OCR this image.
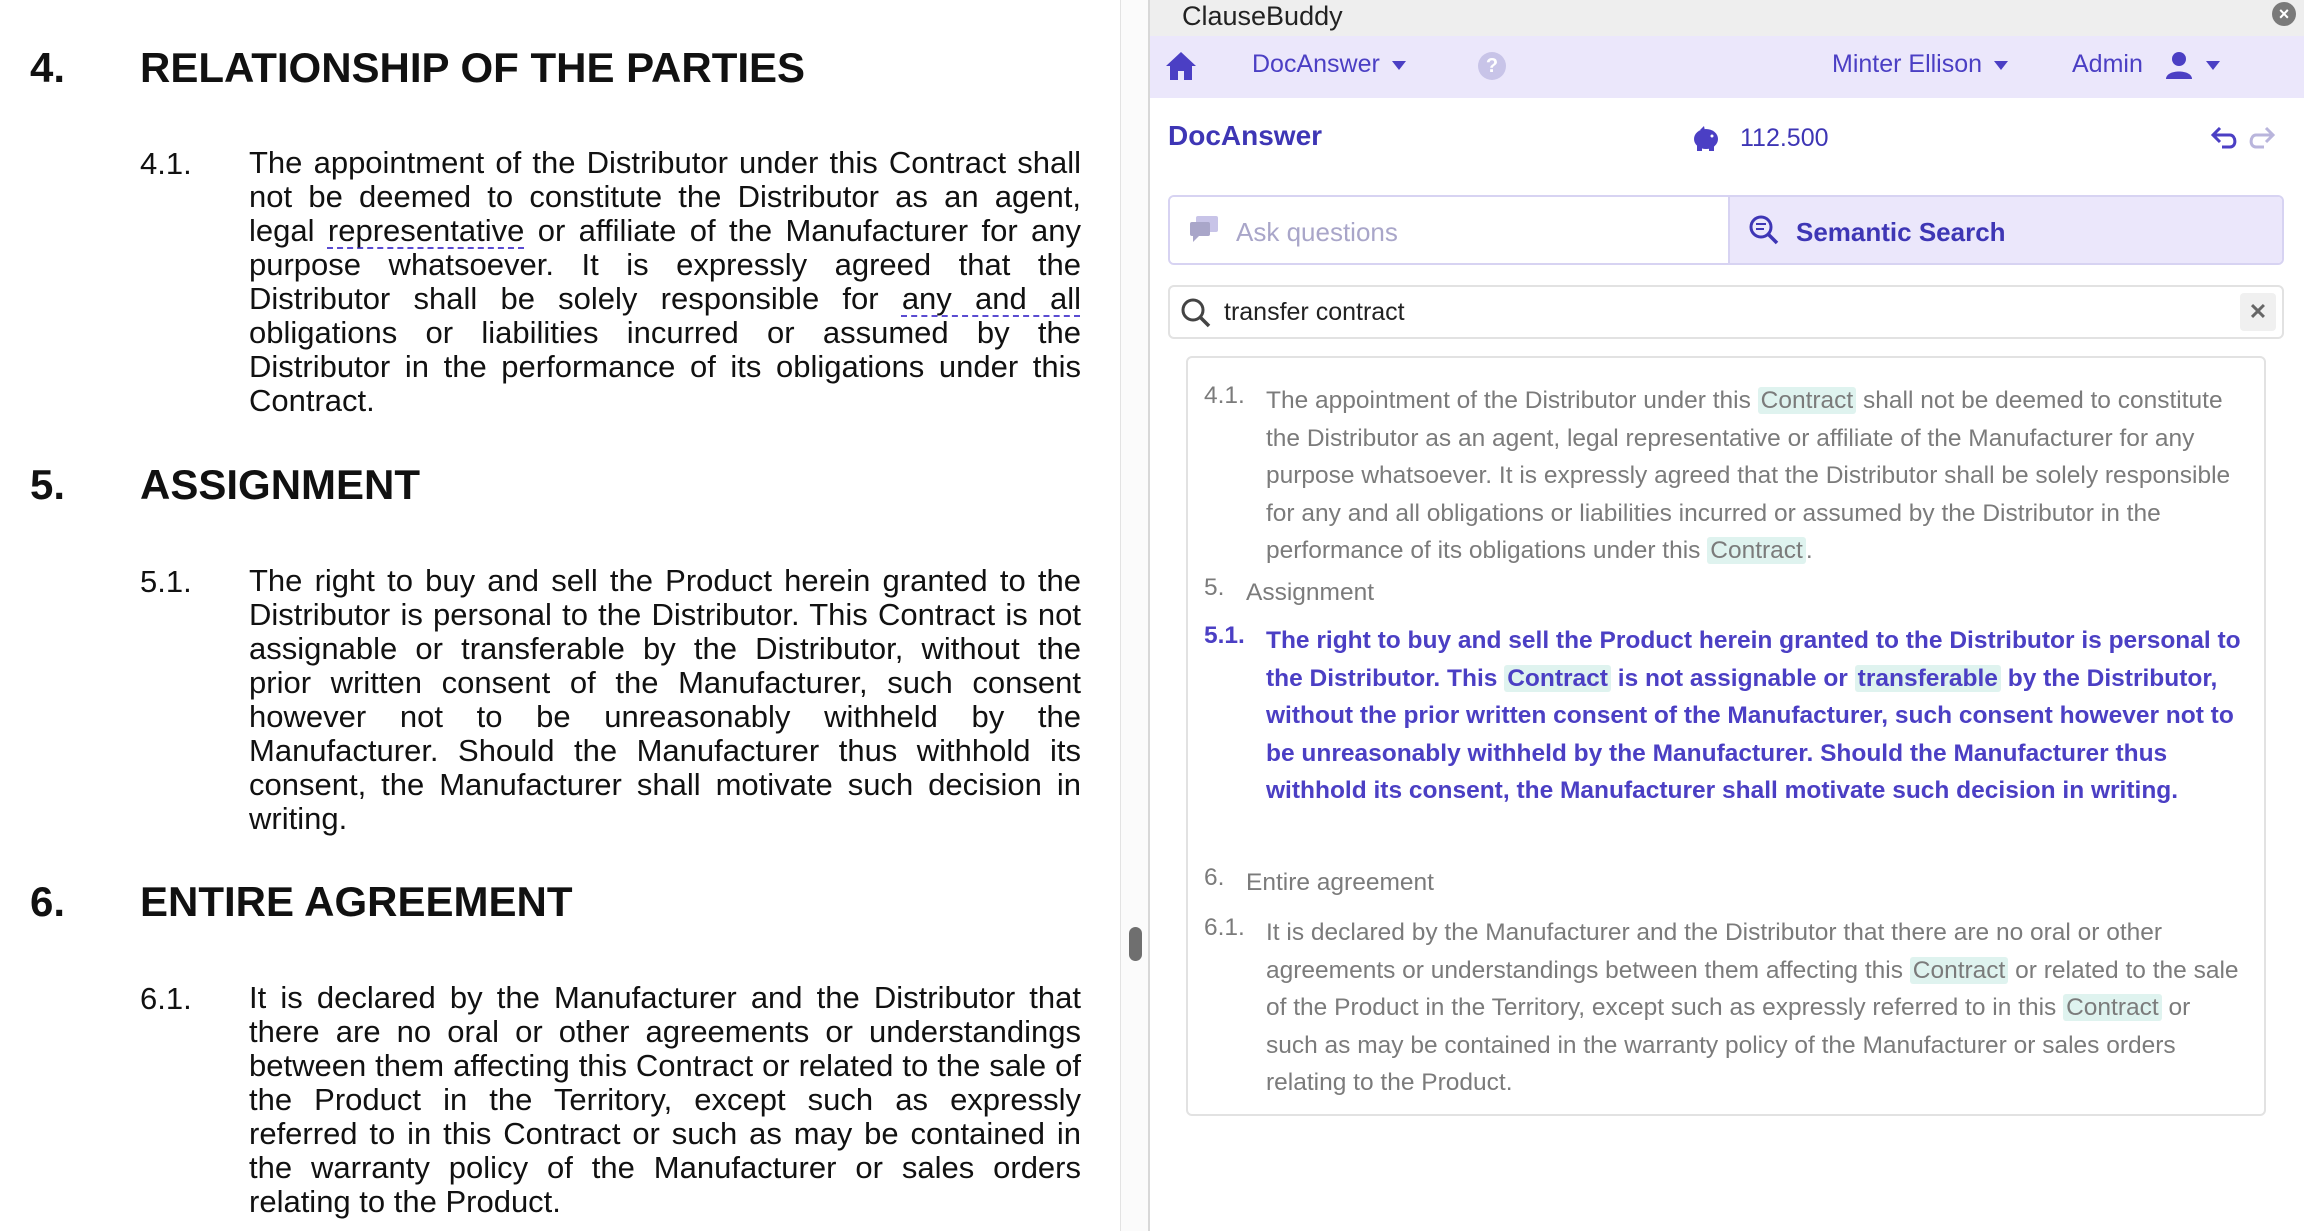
4. RELATIONSHIP OF THE PARTIES
4.1. The appointment of the Distributor under this Contract shall not be deemed to constitute the Distributor as an agent, legal representative or affiliate of the Manufacturer for any purpose whatsoever. It is expressly agreed that the Distributor shall be solely responsible for any and all obligations or liabilities incurred or assumed by the Distributor in the performance of its obligations under this Contract.
5. ASSIGNMENT
5.1. The right to buy and sell the Product herein granted to the Distributor is personal to the Distributor. This Contract is not assignable or transferable by the Distributor, without the prior written consent of the Manufacturer, such consent however not to be unreasonably withheld by the Manufacturer. Should the Manufacturer thus withhold its consent, the Manufacturer shall motivate such decision in writing.
6. ENTIRE AGREEMENT
6.1. It is declared by the Manufacturer and the Distributor that there are no oral or other agreements or understandings between them affecting this Contract or related to the sale of the Product in the Territory, except such as expressly referred to in this Contract or such as may be contained in the warranty policy of the Manufacturer or sales orders relating to the Product.
ClauseBuddy	×
DocAnswer	?	Minter Ellison	Admin
DocAnswer	112.500
Ask questions	Semantic Search
transfer contract
✕
4.1. The appointment of the Distributor under this Contract shall not be deemed to constitute the Distributor as an agent, legal representative or affiliate of the Manufacturer for any purpose whatsoever. It is expressly agreed that the Distributor shall be solely responsible for any and all obligations or liabilities incurred or assumed by the Distributor in the performance of its obligations under this Contract .
5. Assignment
5.1. The right to buy and sell the Product herein granted to the Distributor is personal to the Distributor. This Contract is not assignable or transferable by the Distributor, without the prior written consent of the Manufacturer, such consent however not to be unreasonably withheld by the Manufacturer. Should the Manufacturer thus withhold its consent, the Manufacturer shall motivate such decision in writing.
6. Entire agreement
6.1. It is declared by the Manufacturer and the Distributor that there are no oral or other agreements or understandings between them affecting this Contract or related to the sale of the Product in the Territory, except such as expressly referred to in this Contract or such as may be contained in the warranty policy of the Manufacturer or sales orders relating to the Product.
